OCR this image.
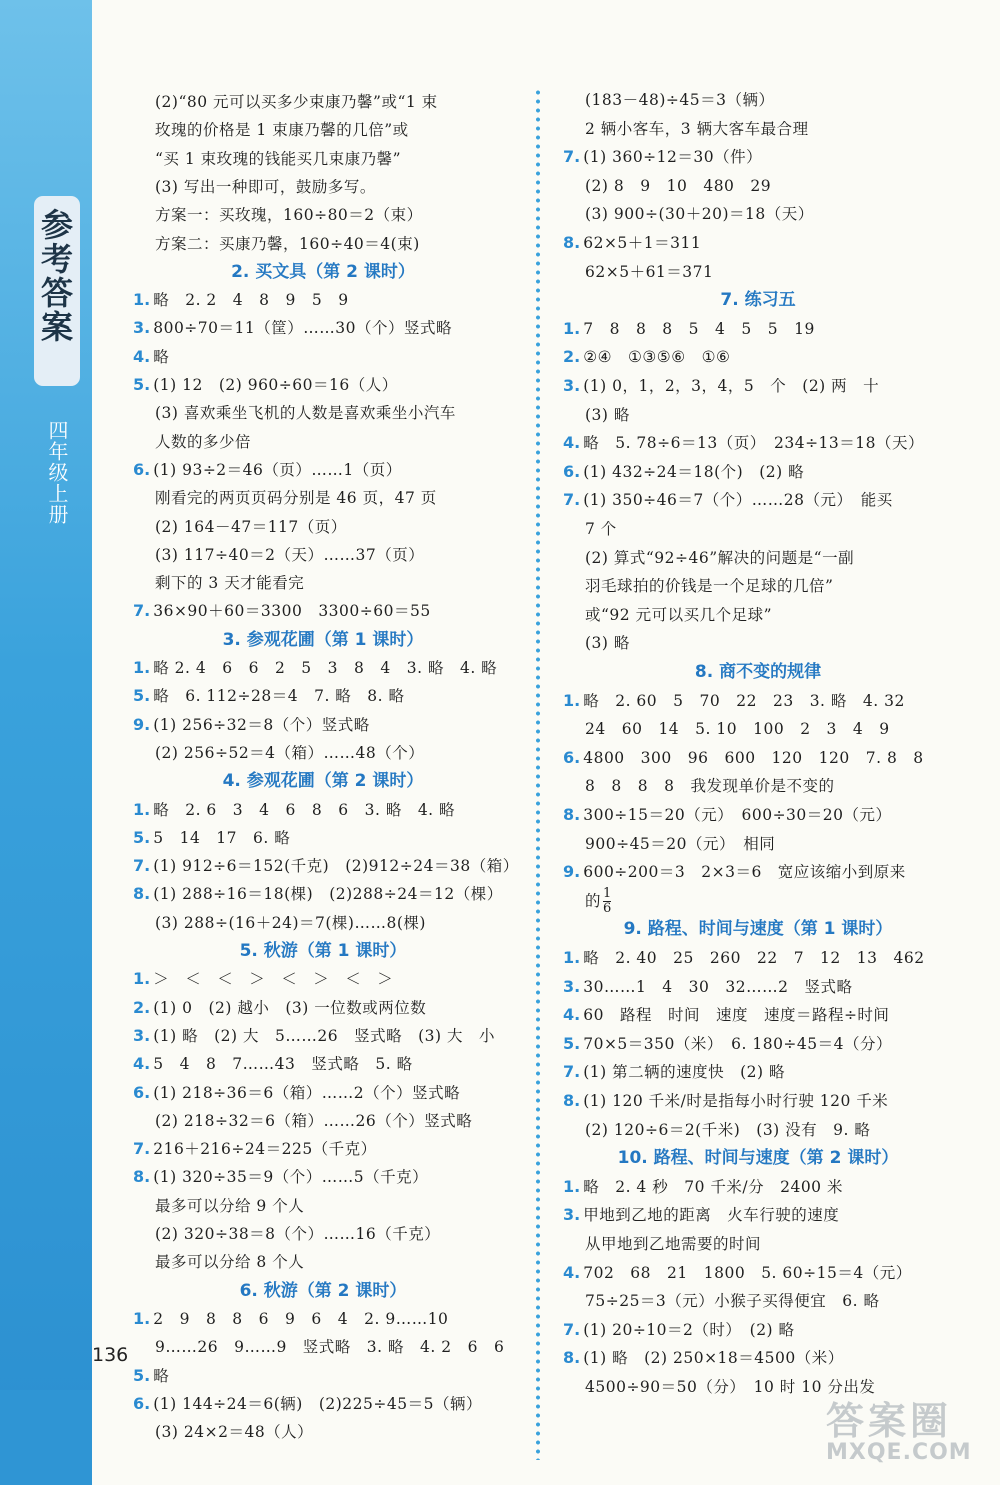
参考答案
四年级上册
136
(2)“80 元可以买多少束康乃馨”或“1 束
玫瑰的价格是 1 束康乃馨的几倍”或
“买 1 束玫瑰的钱能买几束康乃馨”
(3) 写出一种即可，鼓励多写。
方案一：买玫瑰，160÷80＝2（束）
方案二：买康乃馨，160÷40＝4(束)
2. 买文具（第 2 课时）
1. 略　2. 2　4　8　9　5　9
3. 800÷70＝11（筐）……30（个）竖式略
4. 略
5. (1) 12　(2) 960÷60＝16（人）
(3) 喜欢乘坐飞机的人数是喜欢乘坐小汽车
人数的多少倍
6. (1) 93÷2＝46（页）……1（页）
刚看完的两页页码分别是 46 页，47 页
(2) 164－47＝117（页）
(3) 117÷40＝2（天）……37（页）
剩下的 3 天才能看完
7. 36×90＋60＝3300　3300÷60＝55
3. 参观花圃（第 1 课时）
1. 略 2. 4　6　6　2　5　3　8　4　3. 略　4. 略
5. 略　6. 112÷28＝4　7. 略　8. 略
9. (1) 256÷32＝8（个）竖式略
(2) 256÷52＝4（箱）……48（个）
4. 参观花圃（第 2 课时）
1. 略　2. 6　3　4　6　8　6　3. 略　4. 略
5. 5　14　17　6. 略
7. (1) 912÷6＝152(千克)　(2)912÷24＝38（箱）
8. (1) 288÷16＝18(棵)　(2)288÷24＝12（棵）
(3) 288÷(16＋24)＝7(棵)……8(棵)
5. 秋游（第 1 课时）
1. ＞　＜　＜　＞　＜　＞　＜　＞
2. (1) 0　(2) 越小　(3) 一位数或两位数
3. (1) 略　(2) 大　5……26　竖式略　(3) 大　小
4. 5　4　8　7……43　竖式略　5. 略
6. (1) 218÷36＝6（箱）……2（个）竖式略
(2) 218÷32＝6（箱）……26（个）竖式略
7. 216＋216÷24＝225（千克）
8. (1) 320÷35＝9（个）……5（千克）
最多可以分给 9 个人
(2) 320÷38＝8（个）……16（千克）
最多可以分给 8 个人
6. 秋游（第 2 课时）
1. 2　9　8　8　6　9　6　4　2. 9……10
9……26　9……9　竖式略　3. 略　4. 2　6　6
5. 略
6. (1) 144÷24＝6(辆)　(2)225÷45＝5（辆）
(3) 24×2＝48（人）
(183－48)÷45＝3（辆）
2 辆小客车，3 辆大客车最合理
7. (1) 360÷12＝30（件）
(2) 8　9　10　480　29
(3) 900÷(30＋20)＝18（天）
8. 62×5＋1＝311
62×5＋61＝371
7. 练习五
1. 7　8　8　8　5　4　5　5　19
2. ②④　①③⑤⑥　①⑥
3. (1) 0，1，2，3，4，5　个　(2) 两　十
(3) 略
4. 略　5. 78÷6＝13（页）　234÷13＝18（天）
6. (1) 432÷24＝18(个)　(2) 略
7. (1) 350÷46＝7（个）……28（元）　能买
7 个
(2) 算式“92÷46”解决的问题是“一副
羽毛球拍的价钱是一个足球的几倍”
或“92 元可以买几个足球”
(3) 略
8. 商不变的规律
1. 略　2. 60　5　70　22　23　3. 略　4. 32
24　60　14　5. 10　100　2　3　4　9
6. 4800　300　96　600　120　120　7. 8　8
8　8　8　8　我发现单价是不变的
8. 300÷15＝20（元）　600÷30＝20（元）
900÷45＝20（元）　相同
9. 600÷200＝3　2×3＝6　宽应该缩小到原来
的 $\frac{1}{6}$
9. 路程、时间与速度（第 1 课时）
1. 略　2. 40　25　260　22　7　12　13　462
3. 30……1　4　30　32……2　竖式略
4. 60　路程　时间　速度　速度＝路程÷时间
5. 70×5＝350（米）　6. 180÷45＝4（分）
7. (1) 第二辆的速度快　(2) 略
8. (1) 120 千米/时是指每小时行驶 120 千米
(2) 120÷6＝2(千米)　(3) 没有　9. 略
10. 路程、时间与速度（第 2 课时）
1. 略　2. 4 秒　70 千米/分　2400 米
3. 甲地到乙地的距离　火车行驶的速度
从甲地到乙地需要的时间
4. 702　68　21　1800　5. 60÷15＝4（元）
75÷25＝3（元）小猴子买得便宜　6. 略
7. (1) 20÷10＝2（时）　(2) 略
8. (1) 略　(2) 250×18＝4500（米）
4500÷90＝50（分）　10 时 10 分出发
答案圈
MXQE.COM
